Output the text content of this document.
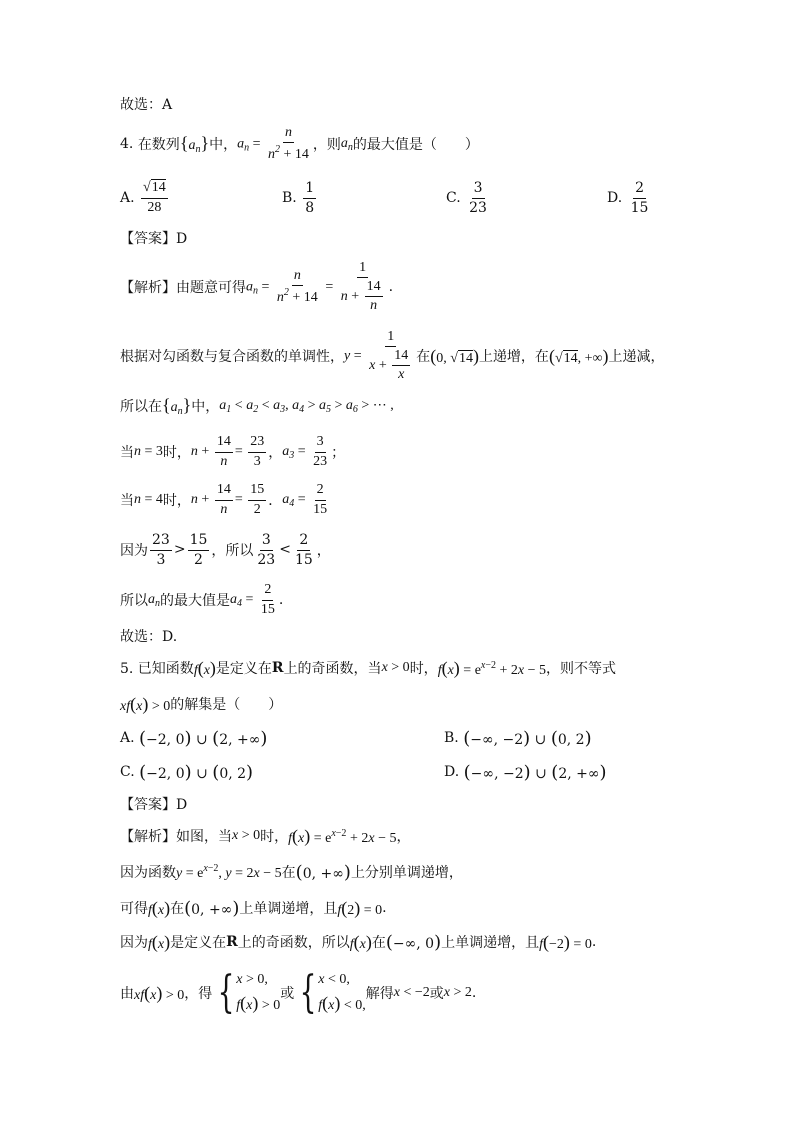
故选：A
4.
在数列 $\{a_n\}$ 中， $a_n = \frac{n}{n^2 + 14}$ ，则 $a_n$ 的最大值是（　　）
A.
$\frac{√14}{28}$	B.
$\frac{1}{8}$	C.
$\frac{3}{23}$	D.
$\frac{2}{15}$
【答案】D
【解析】由题意可得 $a_n = \frac{n}{n^2 + 14} = \frac{1}{n + \frac{14}{n}}$ .
根据对勾函数与复合函数的单调性， $y = \frac{1}{x + \frac{14}{x}}$ 在 (0, √14) 上递增，在 (√14, +∞) 上递减，
所以在 $\{a_n\}$ 中， $a_1 < a_2 < a_3$, $a_4 > a_5 > a_6$ > ⋯ ,
当 n = 3 时， $n + \frac{14}{n} = \frac{23}{3}$ ， $a_3 = \frac{3}{23}$ ；
当 n = 4 时， $n + \frac{14}{n} = \frac{15}{2}$ ． $a_4 = \frac{2}{15}$
因为 $\frac{23}{3} > \frac{15}{2}$ ，所以 $\frac{3}{23} < \frac{2}{15}$ ，
所以 $a_n$ 的最大值是 $a_4 = \frac{2}{15}$ .
故选：D.
5. 已知函数 f(x) 是定义在 R 上的奇函数，当 x > 0 时， $f(x) = e^{x-2} + 2x - 5$ ，则不等式
xf(x) > 0 的解集是（　　）
A.
(−2, 0) ∪ (2, +∞)	B.
(−∞, −2) ∪ (0, 2)
C.
(−2, 0) ∪ (0, 2)	D.
(−∞, −2) ∪ (2, +∞)
【答案】D
【解析】如图，当 x > 0 时， $f(x) = e^{x-2} + 2x - 5$ ，
因为函数 $y = e^{x-2}$, y = 2x − 5 在 (0, +∞) 上分别单调递增，
可得 f(x) 在 (0, +∞) 上单调递增，且 f(2) = 0 .
因为 f(x) 是定义在 R 上的奇函数，所以 f(x) 在 (−∞, 0) 上单调递增，且 f(−2) = 0 .
由 xf(x) > 0 ，得 { x > 0,
f(x) > 0
或 { x < 0,
f(x) < 0,
解得 x < −2 或 x > 2 .
